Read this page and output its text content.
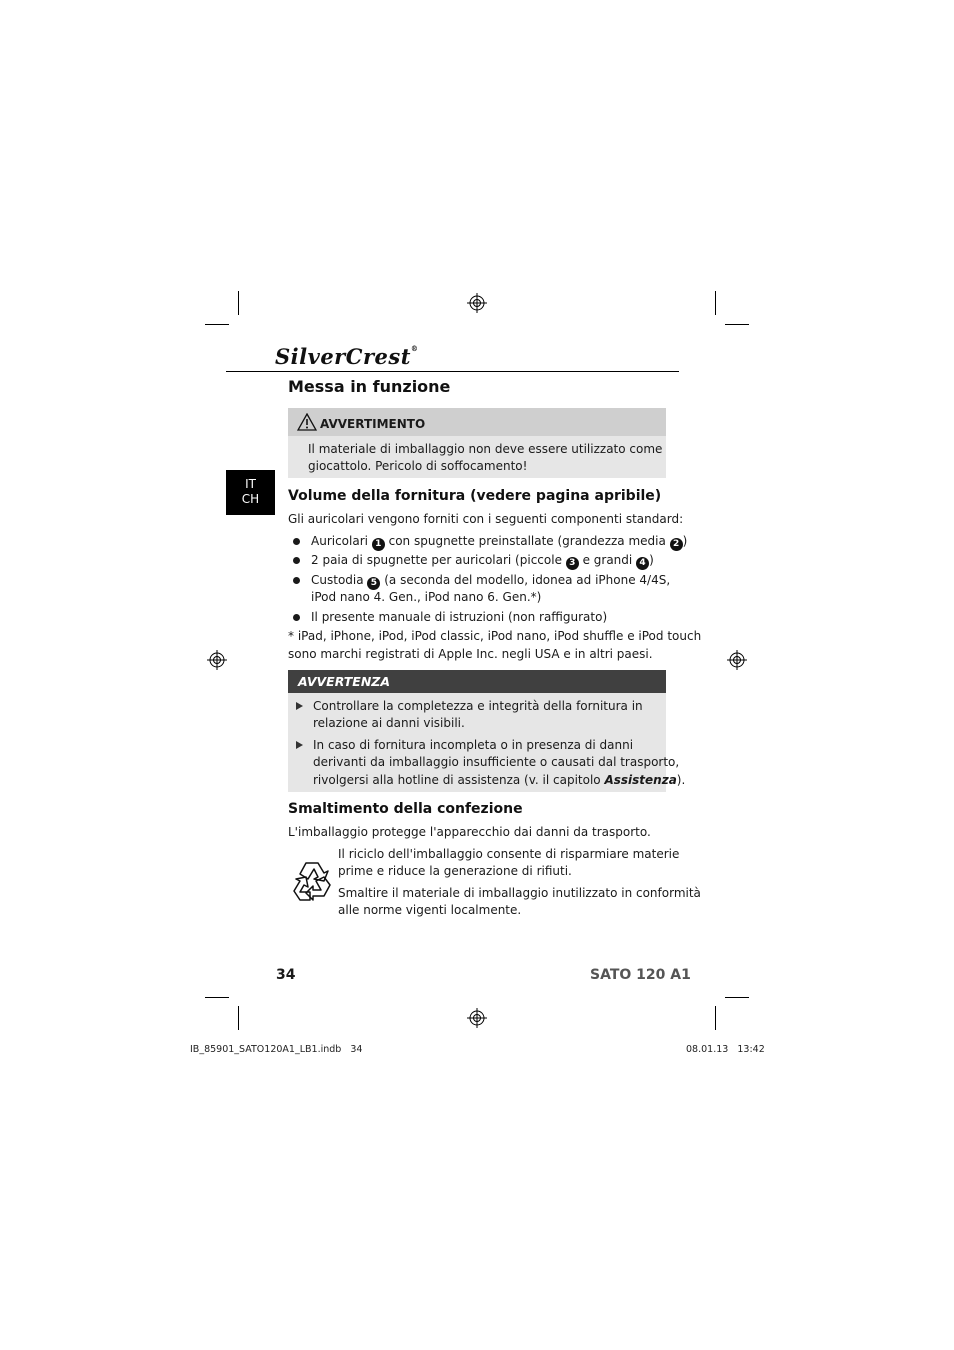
SilverCrest®
Messa in funzione
IT
CH
AVVERTIMENTO
Il materiale di imballaggio non deve essere utilizzato come
giocattolo. Pericolo di soffocamento!
Volume della fornitura (vedere pagina apribile)
Gli auricolari vengono forniti con i seguenti componenti standard:
Auricolari 1 con spugnette preinstallate (grandezza media 2 )
2 paia di spugnette per auricolari (piccole 3 e grandi 4 )
Custodia 5 (a seconda del modello, idonea ad iPhone 4/4S,
iPod nano 4. Gen., iPod nano 6. Gen.*)
Il presente manuale di istruzioni (non raffigurato)
* iPad, iPhone, iPod, iPod classic, iPod nano, iPod shuffle e iPod touch
sono marchi registrati di Apple Inc. negli USA e in altri paesi.
AVVERTENZA
Controllare la completezza e integrità della fornitura in
relazione ai danni visibili.
In caso di fornitura incompleta o in presenza di danni
derivanti da imballaggio insufficiente o causati dal trasporto,
rivolgersi alla hotline di assistenza (v. il capitolo Assistenza).
Smaltimento della confezione
L'imballaggio protegge l'apparecchio dai danni da trasporto.
Il riciclo dell'imballaggio consente di risparmiare materie
prime e riduce la generazione di rifiuti.
Smaltire il materiale di imballaggio inutilizzato in conformità
alle norme vigenti localmente.
34	SATO 120 A1
IB_85901_SATO120A1_LB1.indb   34	08.01.13   13:42
